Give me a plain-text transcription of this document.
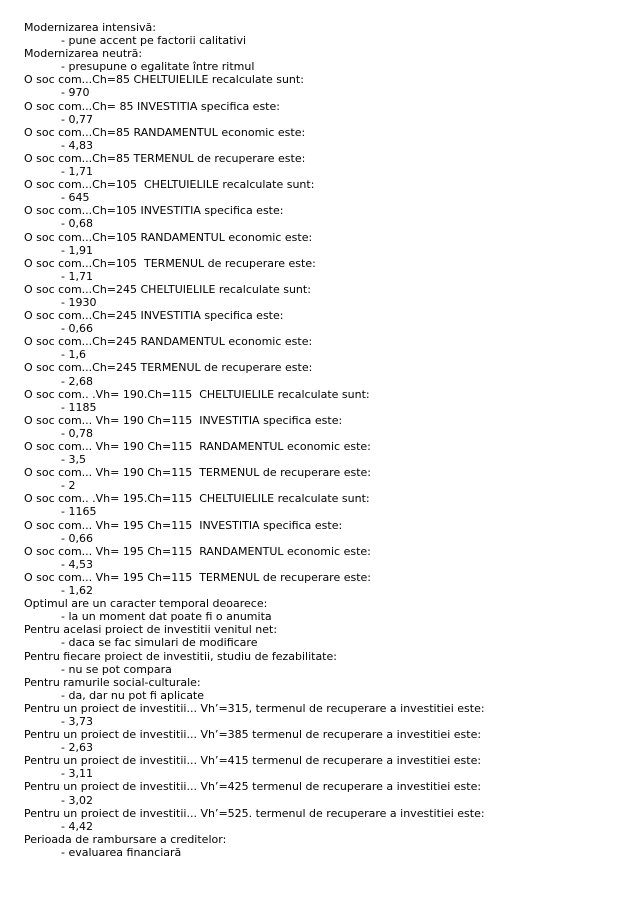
Modernizarea intensivă:
- pune accent pe factorii calitativi
Modernizarea neutră:
- presupune o egalitate între ritmul
O soc com...Ch=85 CHELTUIELILE recalculate sunt:
- 970
O soc com...Ch= 85 INVESTITIA specifica este:
- 0,77
O soc com...Ch=85 RANDAMENTUL economic este:
- 4,83
O soc com...Ch=85 TERMENUL de recuperare este:
- 1,71
O soc com...Ch=105  CHELTUIELILE recalculate sunt:
- 645
O soc com...Ch=105 INVESTITIA specifica este:
- 0,68
O soc com...Ch=105 RANDAMENTUL economic este:
- 1,91
O soc com...Ch=105  TERMENUL de recuperare este:
- 1,71
O soc com...Ch=245 CHELTUIELILE recalculate sunt:
- 1930
O soc com...Ch=245 INVESTITIA specifica este:
- 0,66
O soc com...Ch=245 RANDAMENTUL economic este:
- 1,6
O soc com...Ch=245 TERMENUL de recuperare este:
- 2,68
O soc com.. .Vh= 190.Ch=115  CHELTUIELILE recalculate sunt:
- 1185
O soc com... Vh= 190 Ch=115  INVESTITIA specifica este:
- 0,78
O soc com... Vh= 190 Ch=115  RANDAMENTUL economic este:
- 3,5
O soc com... Vh= 190 Ch=115  TERMENUL de recuperare este:
- 2
O soc com.. .Vh= 195.Ch=115  CHELTUIELILE recalculate sunt:
- 1165
O soc com... Vh= 195 Ch=115  INVESTITIA specifica este:
- 0,66
O soc com... Vh= 195 Ch=115  RANDAMENTUL economic este:
- 4,53
O soc com... Vh= 195 Ch=115  TERMENUL de recuperare este:
- 1,62
Optimul are un caracter temporal deoarece:
- la un moment dat poate fi o anumita
Pentru acelasi proiect de investitii venitul net:
- daca se fac simulari de modificare
Pentru fiecare proiect de investitii, studiu de fezabilitate:
- nu se pot compara
Pentru ramurile social-culturale:
- da, dar nu pot fi aplicate
Pentru un proiect de investitii... Vh’=315, termenul de recuperare a investitiei este:
- 3,73
Pentru un proiect de investitii... Vh’=385 termenul de recuperare a investitiei este:
- 2,63
Pentru un proiect de investitii... Vh’=415 termenul de recuperare a investitiei este:
- 3,11
Pentru un proiect de investitii... Vh’=425 termenul de recuperare a investitiei este:
- 3,02
Pentru un proiect de investitii... Vh’=525. termenul de recuperare a investitiei este:
- 4,42
Perioada de rambursare a creditelor:
- evaluarea financiară
